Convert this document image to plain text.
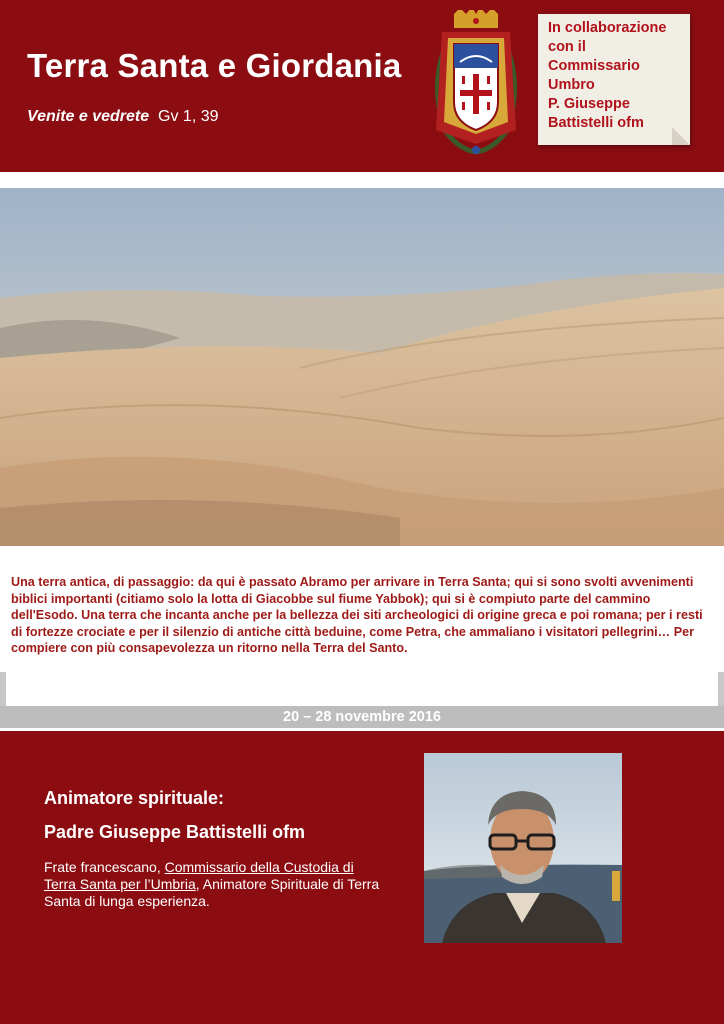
Terra Santa e Giordania
Venite e vedrete Gv 1, 39
In collaborazione
con il
Commissario
Umbro
P. Giuseppe
Battistelli ofm

Una terra antica, di passaggio: da qui è passato Abramo per arrivare in Terra Santa; qui si sono svolti avvenimenti biblici importanti (citiamo solo la lotta di Giacobbe sul fiume Yabbok); qui si è compiuto parte del cammino dell'Esodo. Una terra che incanta anche per la bellezza dei siti archeologici di origine greca e poi romana; per i resti di fortezze crociate e per il silenzio di antiche città beduine, come Petra, che ammaliano i visitatori pellegrini… Per compiere con più consapevolezza un ritorno nella Terra del Santo.

20 – 28 novembre 2016
Animatore spirituale:
Padre Giuseppe Battistelli ofm
Frate francescano, Commissario della Custodia di Terra Santa per l’Umbria, Animatore Spirituale di Terra Santa di lunga esperienza.
